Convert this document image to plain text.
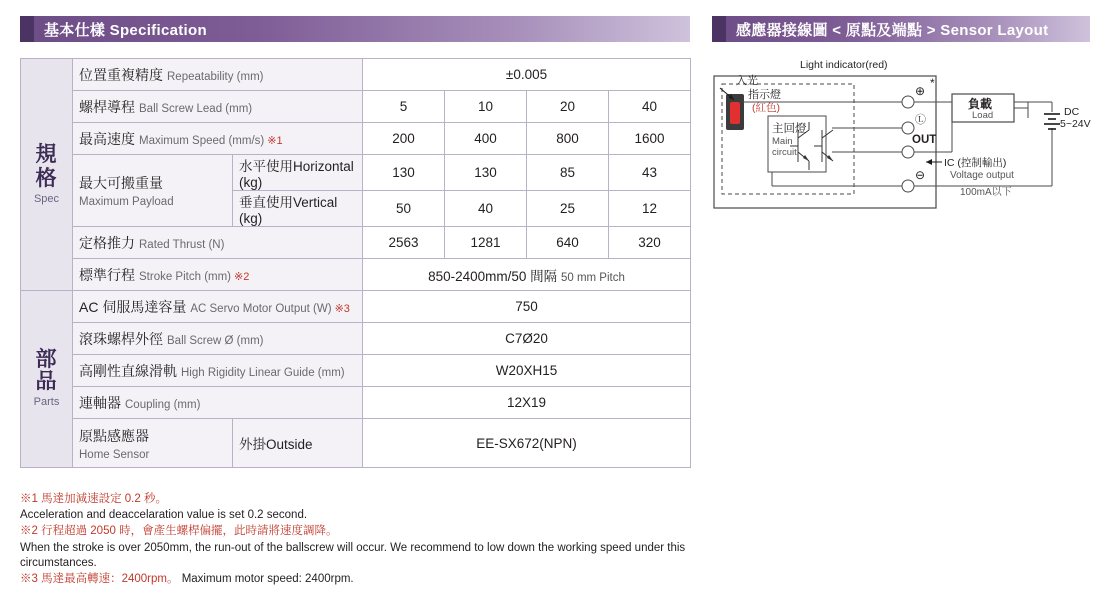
基本仕樣 Specification	感應器接線圖 < 原點及端點 > Sensor Layout
規格
Spec	位置重複精度 Repeatability (mm)		±0.005			
	螺桿導程 Ball Screw Lead (mm)		5	10	20	40
	最高速度 Maximum Speed (mm/s) ※1		200	400	800	1600

	最大可搬重量
Maximum Payload	水平使用Horizontal (kg)	130	130	85	43
		垂直使用Vertical (kg)	50	40	25	12
	定格推力 Rated Thrust (N)		2563	1281	640	320
	標準行程 Stroke Pitch (mm) ※2		850-2400mm/50 間隔 50 mm Pitch			

部品
Parts	AC 伺服馬達容量 AC Servo Motor Output (W) ※3		750			
	滾珠螺桿外徑 Ball Screw Ø (mm)		C7Ø20			
	高剛性直線滑軌 High Rigidity Linear Guide (mm)		W20XH15			
	連軸器 Coupling (mm)		12X19			

	原點感應器
Home Sensor	外掛Outside	EE-SX672(NPN)			

※1 馬達加減速設定 0.2 秒。

Acceleration and deaccelaration value is set 0.2 second.

※2 行程超過 2050 時，會產生螺桿偏擺，此時請將速度調降。

When the stroke is over 2050mm, the run-out of the ballscrew will occur. We recommend to low down the working speed under this circumstances.

※3 馬達最高轉速：2400rpm。 Maximum motor speed: 2400rpm.

Light indicator(red)
入光
指示燈
(紅色)
主回燈
Main
circuit
⊕
*
Ⓛ
OUT
⊖
負載
Load	DC
5~24V
IC (控制輸出)
Voltage output
100mA以下
